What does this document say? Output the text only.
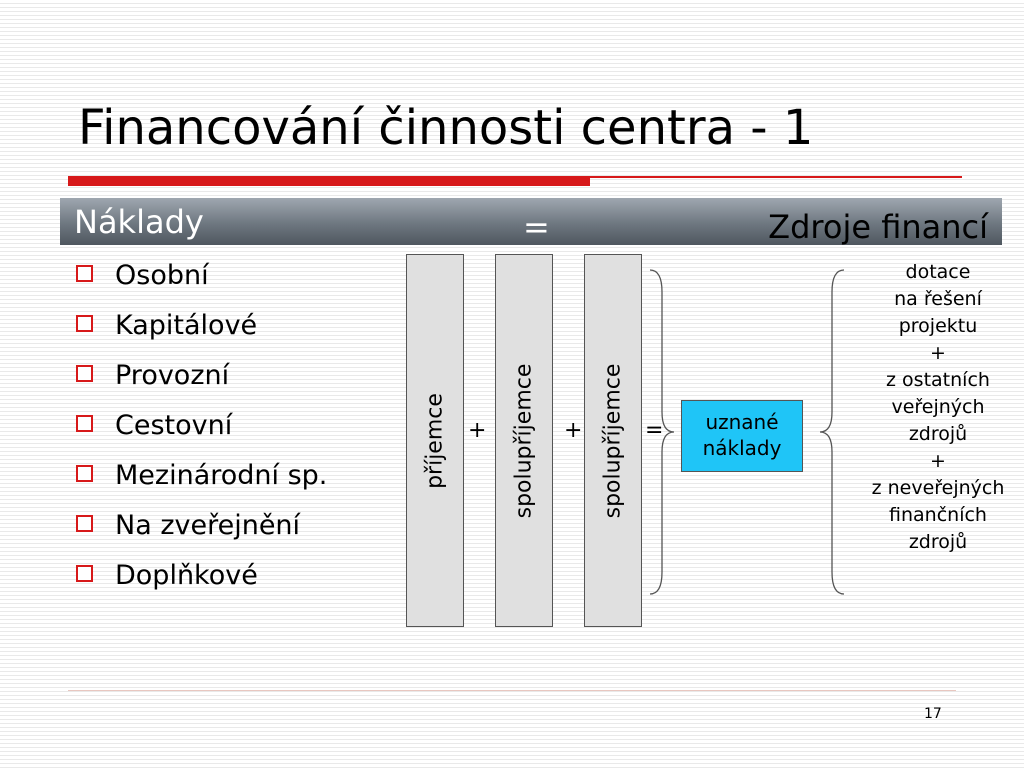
Financování činnosti centra - 1
Náklady	=	Zdroje financí
Osobní
Kapitálové
Provozní
Cestovní
Mezinárodní sp.
Na zveřejnění
Doplňkové
příjemce + spolupříjemce + spolupříjemce =	uznané
náklady
dotace
na řešení
projektu
+
z ostatních
veřejných
zdrojů
+
z neveřejných
finančních
zdrojů
17
